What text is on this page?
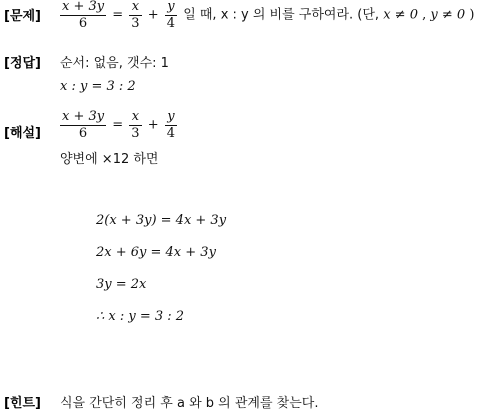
[문제] $\frac{x + 3y}{6} = \frac{x}{3} + \frac{y}{4}$ 일 때, x : y 의 비를 구하여라. (단, x ≠ 0 , y ≠ 0 )
[정답] 순서: 없음, 갯수: 1
x : y = 3 : 2
[해설] $\frac{x + 3y}{6} = \frac{x}{3} + \frac{y}{4}$
양변에 ×12 하면
2(x + 3y) = 4x + 3y
2x + 6y = 4x + 3y
3y = 2x
∴ x : y = 3 : 2
[힌트] 식을 간단히 정리 후 a 와 b 의 관계를 찾는다.
